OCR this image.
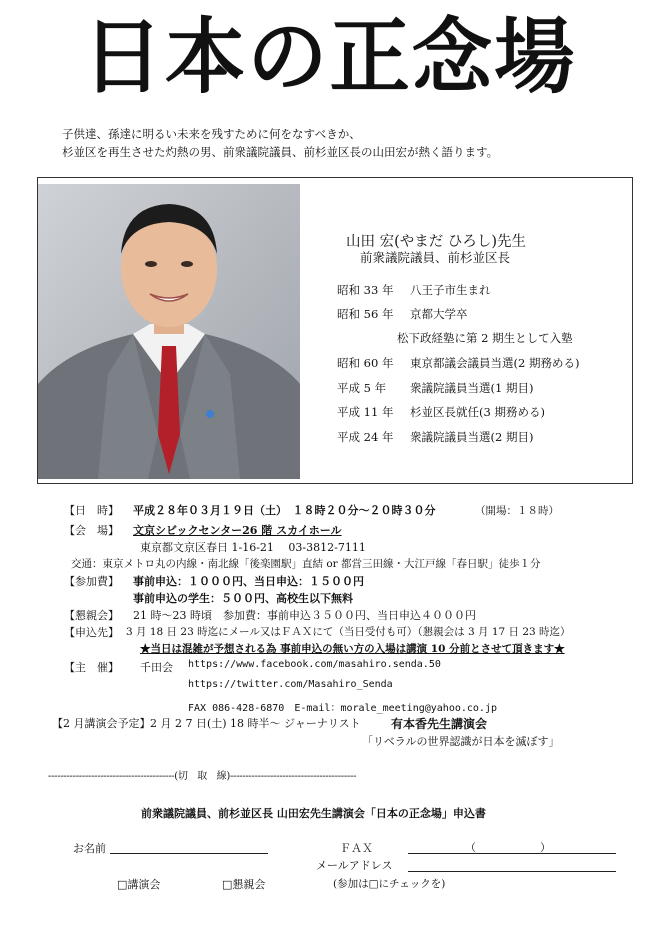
日本の正念場
子供達、孫達に明るい未来を残すために何をなすべきか、
杉並区を再生させた灼熱の男、前衆議院議員、前杉並区長の山田宏が熱く語ります。
山田 宏(やまだ ひろし)先生
前衆議院議員、前杉並区長
昭和 33 年 八王子市生まれ
昭和 56 年 京都大学卒
松下政経塾に第 2 期生として入塾
昭和 60 年 東京都議会議員当選(2 期務める)
平成 5 年 衆議院議員当選(1 期目)
平成 11 年 杉並区長就任(3 期務める)
平成 24 年 衆議院議員当選(2 期目)
【日　時】 平成２８年０３月１９日（土）　１８時２０分～２０時３０分	（開場：１８時）
【会　場】 文京シビックセンター26 階 スカイホール
東京都文京区春日 1-16-21　 03-3812-7111
交通：東京メトロ丸の内線・南北線「後楽園駅」直結 or 都営三田線・大江戸線「春日駅」徒歩１分
【参加費】 事前申込：１０００円、当日申込：１５００円
事前申込の学生：５００円、高校生以下無料
【懇親会】 21 時～23 時頃　参加費：事前申込３５００円、当日申込４０００円
【申込先】 3 月 18 日 23 時迄にメール又はＦＡＸにて（当日受付も可）（懇親会は 3 月 17 日 23 時迄）
★当日は混雑が予想される為 事前申込の無い方の入場は講演 10 分前とさせて頂きます★
【主　催】 千田会 https://www.facebook.com/masahiro.senda.50
https://twitter.com/Masahiro_Senda
FAX 086-428-6870　E-mail：morale_meeting@yahoo.co.jp
【2 月講演会予定】 2 月 2 7 日(土) 18 時半～ ジャーナリスト	有本香先生講演会
「リベラルの世界認識が日本を滅ぼす」
-----------------------------------------(切　取　線)-----------------------------------------
前衆議院議員、前杉並区長 山田宏先生講演会「日本の正念場」申込書
お名前	ＦＡＸ	（	）
メールアドレス
□講演会	□懇親会	(参加は□にチェックを)
